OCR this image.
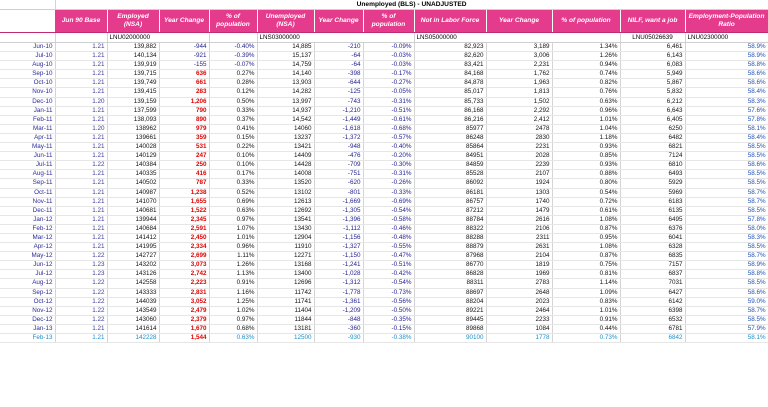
	Unemployed (BLS) - UNADJUSTED											
	Jun 90 Base	Employed (NSA)	Year Change	% of population	Unemployed (NSA)	Year Change	% of population	Not in Labor Force	Year Change	% of population	NILF, want a job	Employment-Population Ratio
		LNU02000000			LNS03000000			LNS05000000			LNU05026639	LNU02300000
Jun-10	1.21	139,882	-944	-0.40%	14,885	-210	-0.09%	82,923	3,189	1.34%	6,461	58.9%
Jul-10	1.21	140,134	-921	-0.39%	15,137	-64	-0.03%	82,620	3,006	1.26%	6,143	58.9%
Aug-10	1.21	139,919	-155	-0.07%	14,759	-64	-0.03%	83,421	2,231	0.94%	6,083	58.8%
Sep-10	1.21	139,715	636	0.27%	14,140	-398	-0.17%	84,168	1,762	0.74%	5,949	58.6%
Oct-10	1.21	139,749	661	0.28%	13,903	-644	-0.27%	84,878	1,963	0.82%	5,867	58.6%
Nov-10	1.21	139,415	283	0.12%	14,282	-125	-0.05%	85,017	1,813	0.76%	5,832	58.4%
Dec-10	1.20	139,159	1,206	0.50%	13,997	-743	-0.31%	85,733	1,502	0.63%	6,212	58.3%
Jan-11	1.21	137,599	790	0.33%	14,937	-1,210	-0.51%	86,168	2,292	0.96%	6,643	57.6%
Feb-11	1.21	138,093	890	0.37%	14,542	-1,449	-0.61%	86,216	2,412	1.01%	6,405	57.8%
Mar-11	1.20	138962	979	0.41%	14060	-1,618	-0.68%	85977	2478	1.04%	6250	58.1%
Apr-11	1.21	139661	359	0.15%	13237	-1,372	-0.57%	86248	2830	1.18%	6482	58.4%
May-11	1.21	140028	531	0.22%	13421	-948	-0.40%	85864	2231	0.93%	6821	58.5%
Jun-11	1.21	140129	247	0.10%	14409	-476	-0.20%	84951	2028	0.85%	7124	58.5%
Jul-11	1.22	140384	250	0.10%	14428	-709	-0.30%	84859	2239	0.93%	6810	58.6%
Aug-11	1.21	140335	416	0.17%	14008	-751	-0.31%	85528	2107	0.88%	6493	58.5%
Sep-11	1.21	140502	787	0.33%	13520	-620	-0.26%	86092	1924	0.80%	5929	58.5%
Oct-11	1.21	140987	1,238	0.52%	13102	-801	-0.33%	86181	1303	0.54%	5969	58.7%
Nov-11	1.21	141070	1,655	0.69%	12613	-1,669	-0.69%	86757	1740	0.72%	6183	58.7%
Dec-11	1.21	140681	1,522	0.63%	12692	-1,305	-0.54%	87212	1479	0.61%	6135	58.5%
Jan-12	1.21	139944	2,345	0.97%	13541	-1,396	-0.58%	88784	2616	1.08%	6495	57.8%
Feb-12	1.21	140684	2,591	1.07%	13430	-1,112	-0.46%	88322	2106	0.87%	6376	58.0%
Mar-12	1.21	141412	2,450	1.01%	12904	-1,156	-0.48%	88288	2311	0.95%	6041	58.3%
Apr-12	1.21	141995	2,334	0.96%	11910	-1,327	-0.55%	88879	2631	1.08%	6328	58.5%
May-12	1.22	142727	2,699	1.11%	12271	-1,150	-0.47%	87968	2104	0.87%	6835	58.7%
Jun-12	1.23	143202	3,073	1.26%	13168	-1,241	-0.51%	86770	1819	0.75%	7157	58.9%
Jul-12	1.23	143126	2,742	1.13%	13400	-1,028	-0.42%	86828	1969	0.81%	6837	58.8%
Aug-12	1.22	142558	2,223	0.91%	12696	-1,312	-0.54%	88311	2783	1.14%	7031	58.5%
Sep-12	1.22	143333	2,831	1.16%	11742	-1,778	-0.73%	88697	2648	1.09%	6427	58.6%
Oct-12	1.22	144039	3,052	1.25%	11741	-1,361	-0.56%	88204	2023	0.83%	6142	59.0%
Nov-12	1.22	143549	2,479	1.02%	11404	-1,209	-0.50%	89221	2464	1.01%	6398	58.7%
Dec-12	1.22	143060	2,379	0.97%	11844	-848	-0.35%	89445	2233	0.91%	6532	58.5%
Jan-13	1.21	141614	1,670	0.68%	13181	-360	-0.15%	89868	1084	0.44%	6781	57.9%
Feb-13	1.21	142228	1,544	0.63%	12500	-930	-0.38%	90100	1778	0.73%	6842	58.1%
